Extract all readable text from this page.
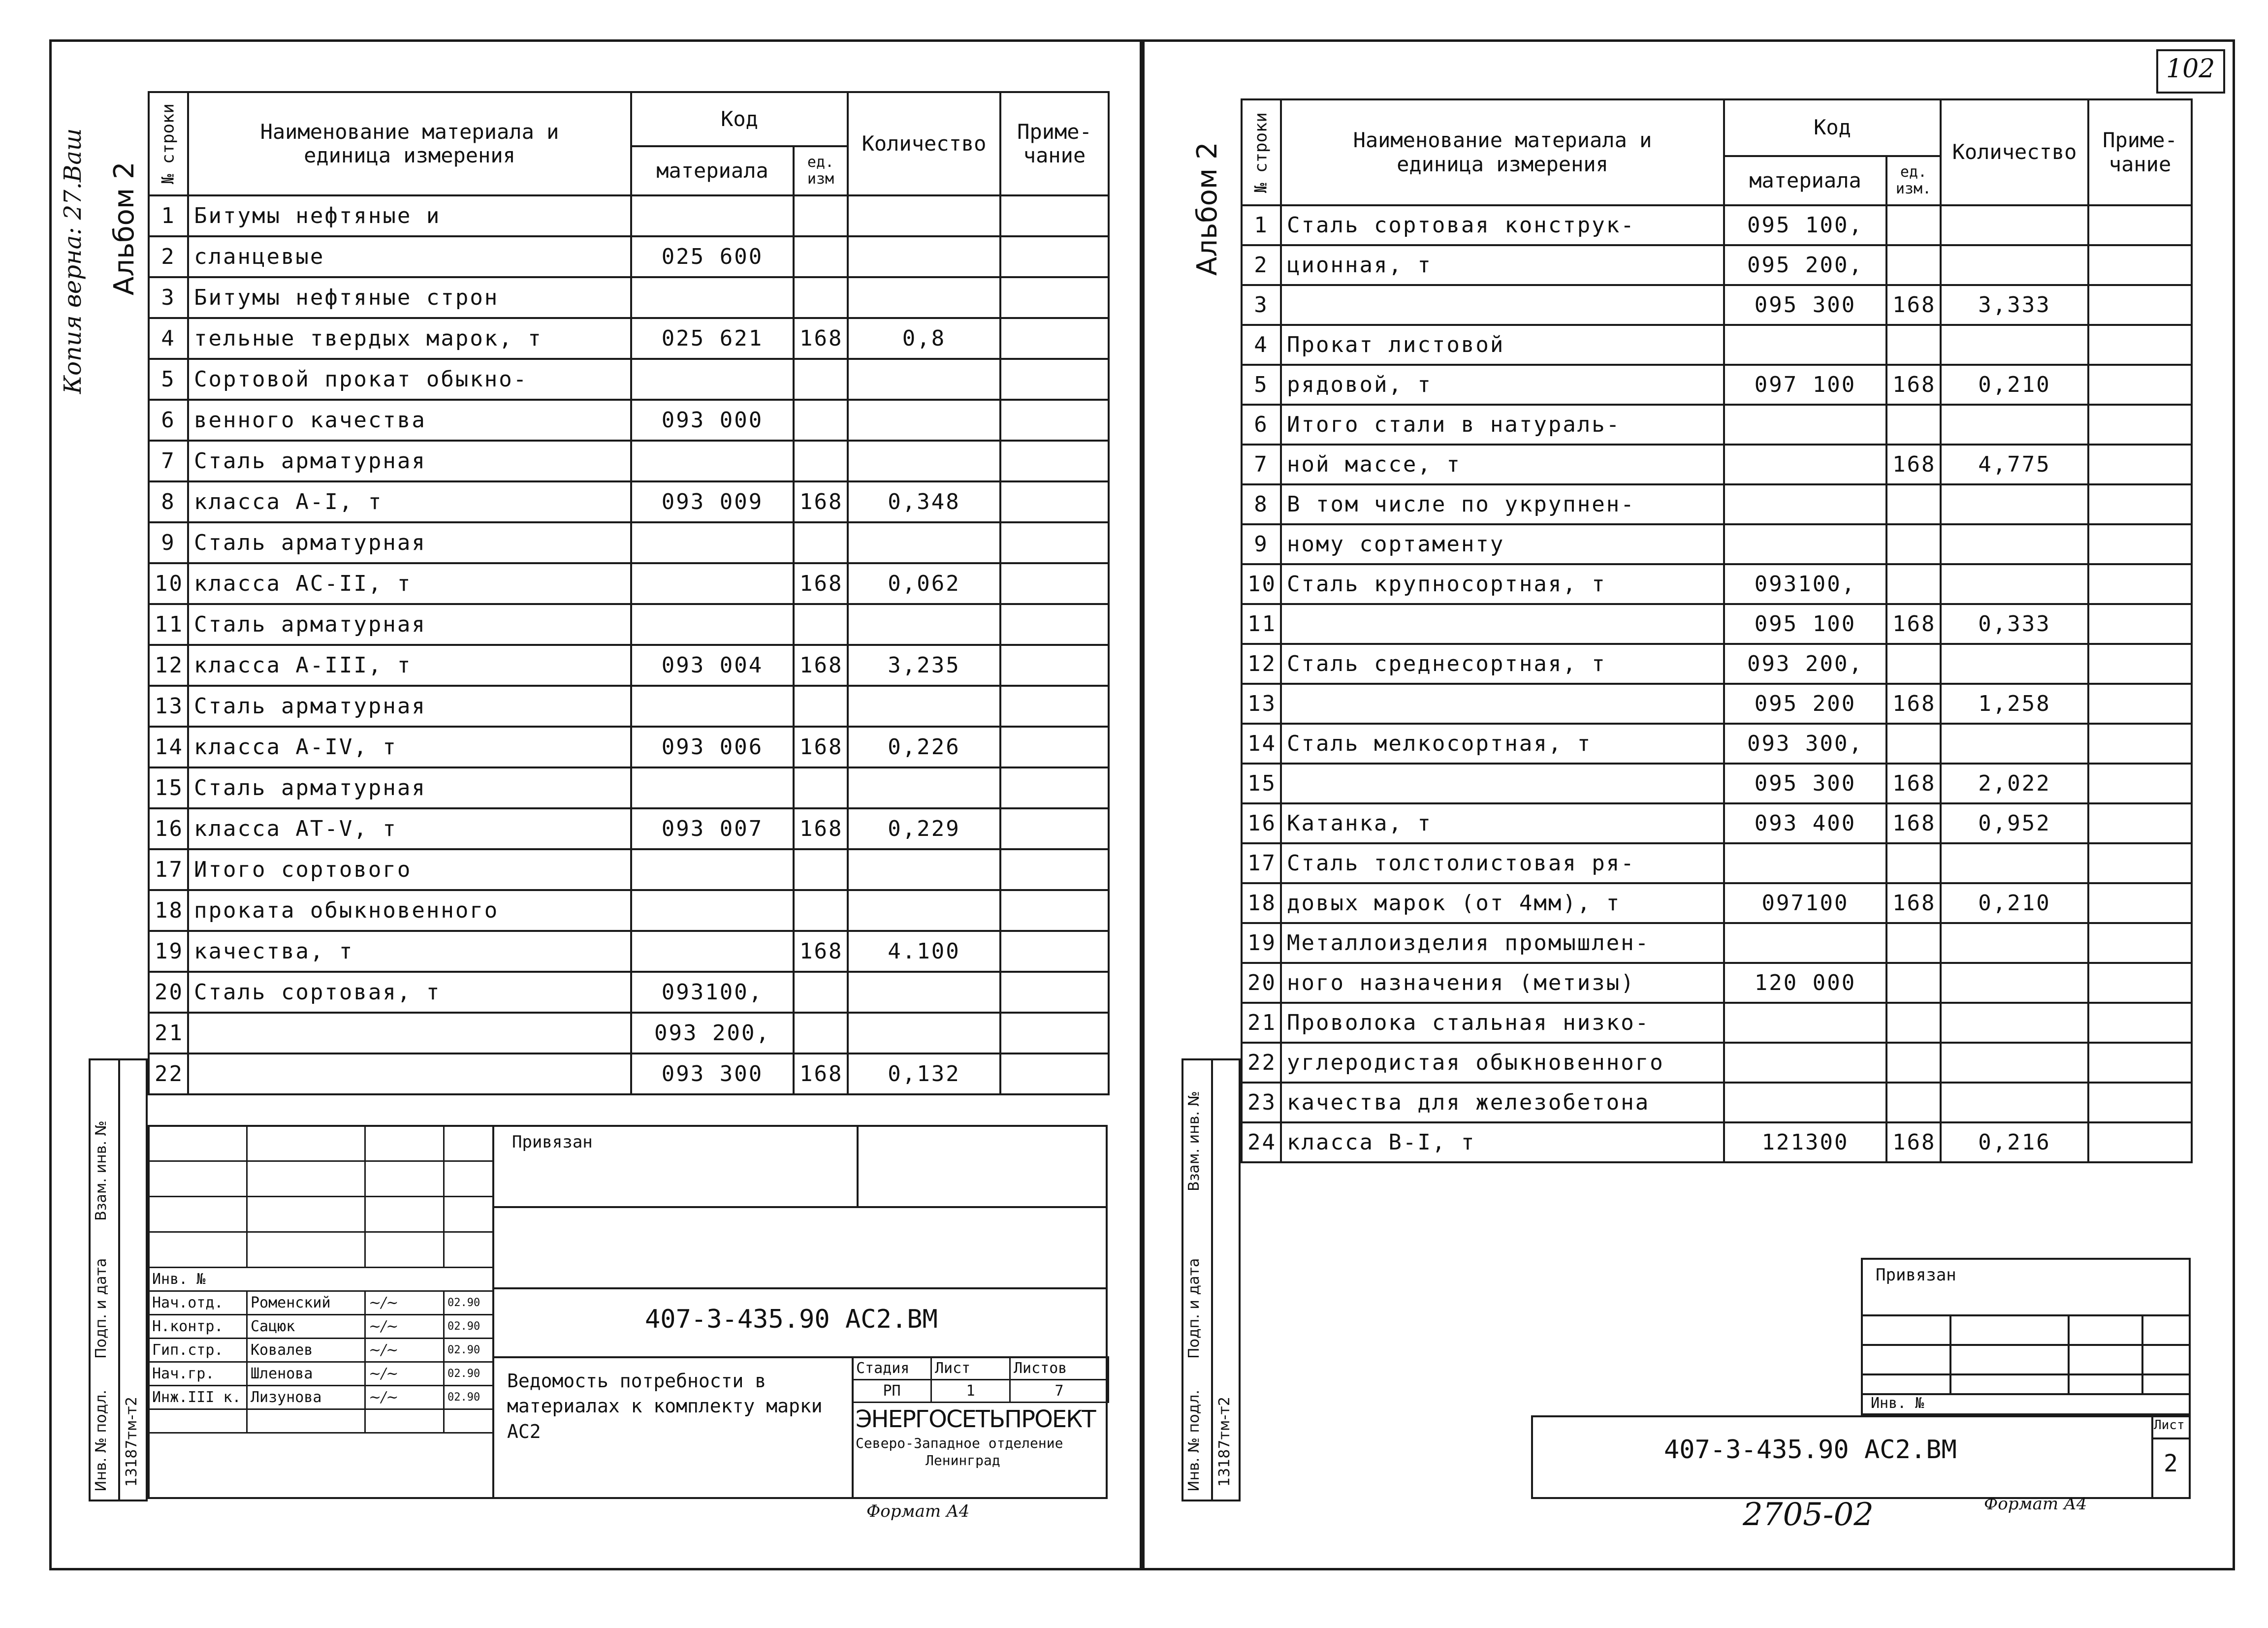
Копия верна: 27.Ваш Альбом 2
№ строки	Наименование материала и единица измерения	Код		Количество	Приме-чание
		материала	ед. изм		
1	Битумы нефтяные и				
2	сланцевые	025 600			
3	Битумы нефтяные строн				
4	тельные твердых марок, т	025 621	168	0,8	
5	Сортовой прокат обыкно-				
6	венного качества	093 000			
7	Сталь арматурная				
8	класса А-I, т	093 009	168	0,348	
9	Сталь арматурная				
10	класса АС-II, т		168	0,062	
11	Сталь арматурная				
12	класса А-III, т	093 004	168	3,235	
13	Сталь арматурная				
14	класса А-IV, т	093 006	168	0,226	
15	Сталь арматурная				
16	класса АТ-V, т	093 007	168	0,229	
17	Итого сортового				
18	проката обыкновенного				
19	качества, т		168	4.100	
20	Сталь сортовая, т	093100,			
21		093 200,			
22		093 300	168	0,132	
Взам. инв. №
Подп. и дата
Инв. № подл. 13187тм-т2
Привязан
407-3-435.90 АС2.ВМ
Ведомость потребности в материалах к комплекту марки АС2
Стадия	Лист	Листов
РП	1	7
ЭНЕРГОСЕТЬПРОЕКТ
Северо-Западное отделение
Ленинград

Инв. №			
Нач.отд.	Роменский	~∕~	02.90
Н.контр.	Сацюк	~∕~	02.90
Гип.стр.	Ковалев	~∕~	02.90
Нач.гр.	Шленова	~∕~	02.90
Инж.III к.	Лизунова	~∕~	02.90

Формат А4
102
Альбом 2 № строки	Наименование материала и единица измерения	Код		Количество	Приме-чание
		материала	ед. изм.		
1	Сталь сортовая конструк-	095 100,			
2	ционная, т	095 200,			
3		095 300	168	3,333	
4	Прокат листовой				
5	рядовой, т	097 100	168	0,210	
6	Итого стали в натураль-				
7	ной массе, т		168	4,775	
8	В том числе по укрупнен-				
9	ному сортаменту				
10	Сталь крупносортная, т	093100,			
11		095 100	168	0,333	
12	Сталь среднесортная, т	093 200,			
13		095 200	168	1,258	
14	Сталь мелкосортная, т	093 300,			
15		095 300	168	2,022	
16	Катанка, т	093 400	168	0,952	
17	Сталь толстолистовая ря-				
18	довых марок (от 4мм), т	097100	168	0,210	
19	Металлоизделия промышлен-				
20	ного назначения (метизы)	120 000			
21	Проволока стальная низко-				
22	углеродистая обыкновенного				
23	качества для железобетона				
24	класса В-I, т	121300	168	0,216	
Взам. инв. №
Подп. и дата
Инв. № подл. 13187тм-т2
Привязан
Инв. №
407-3-435.90 АС2.ВМ
Лист
2
2705-02	Формат А4
